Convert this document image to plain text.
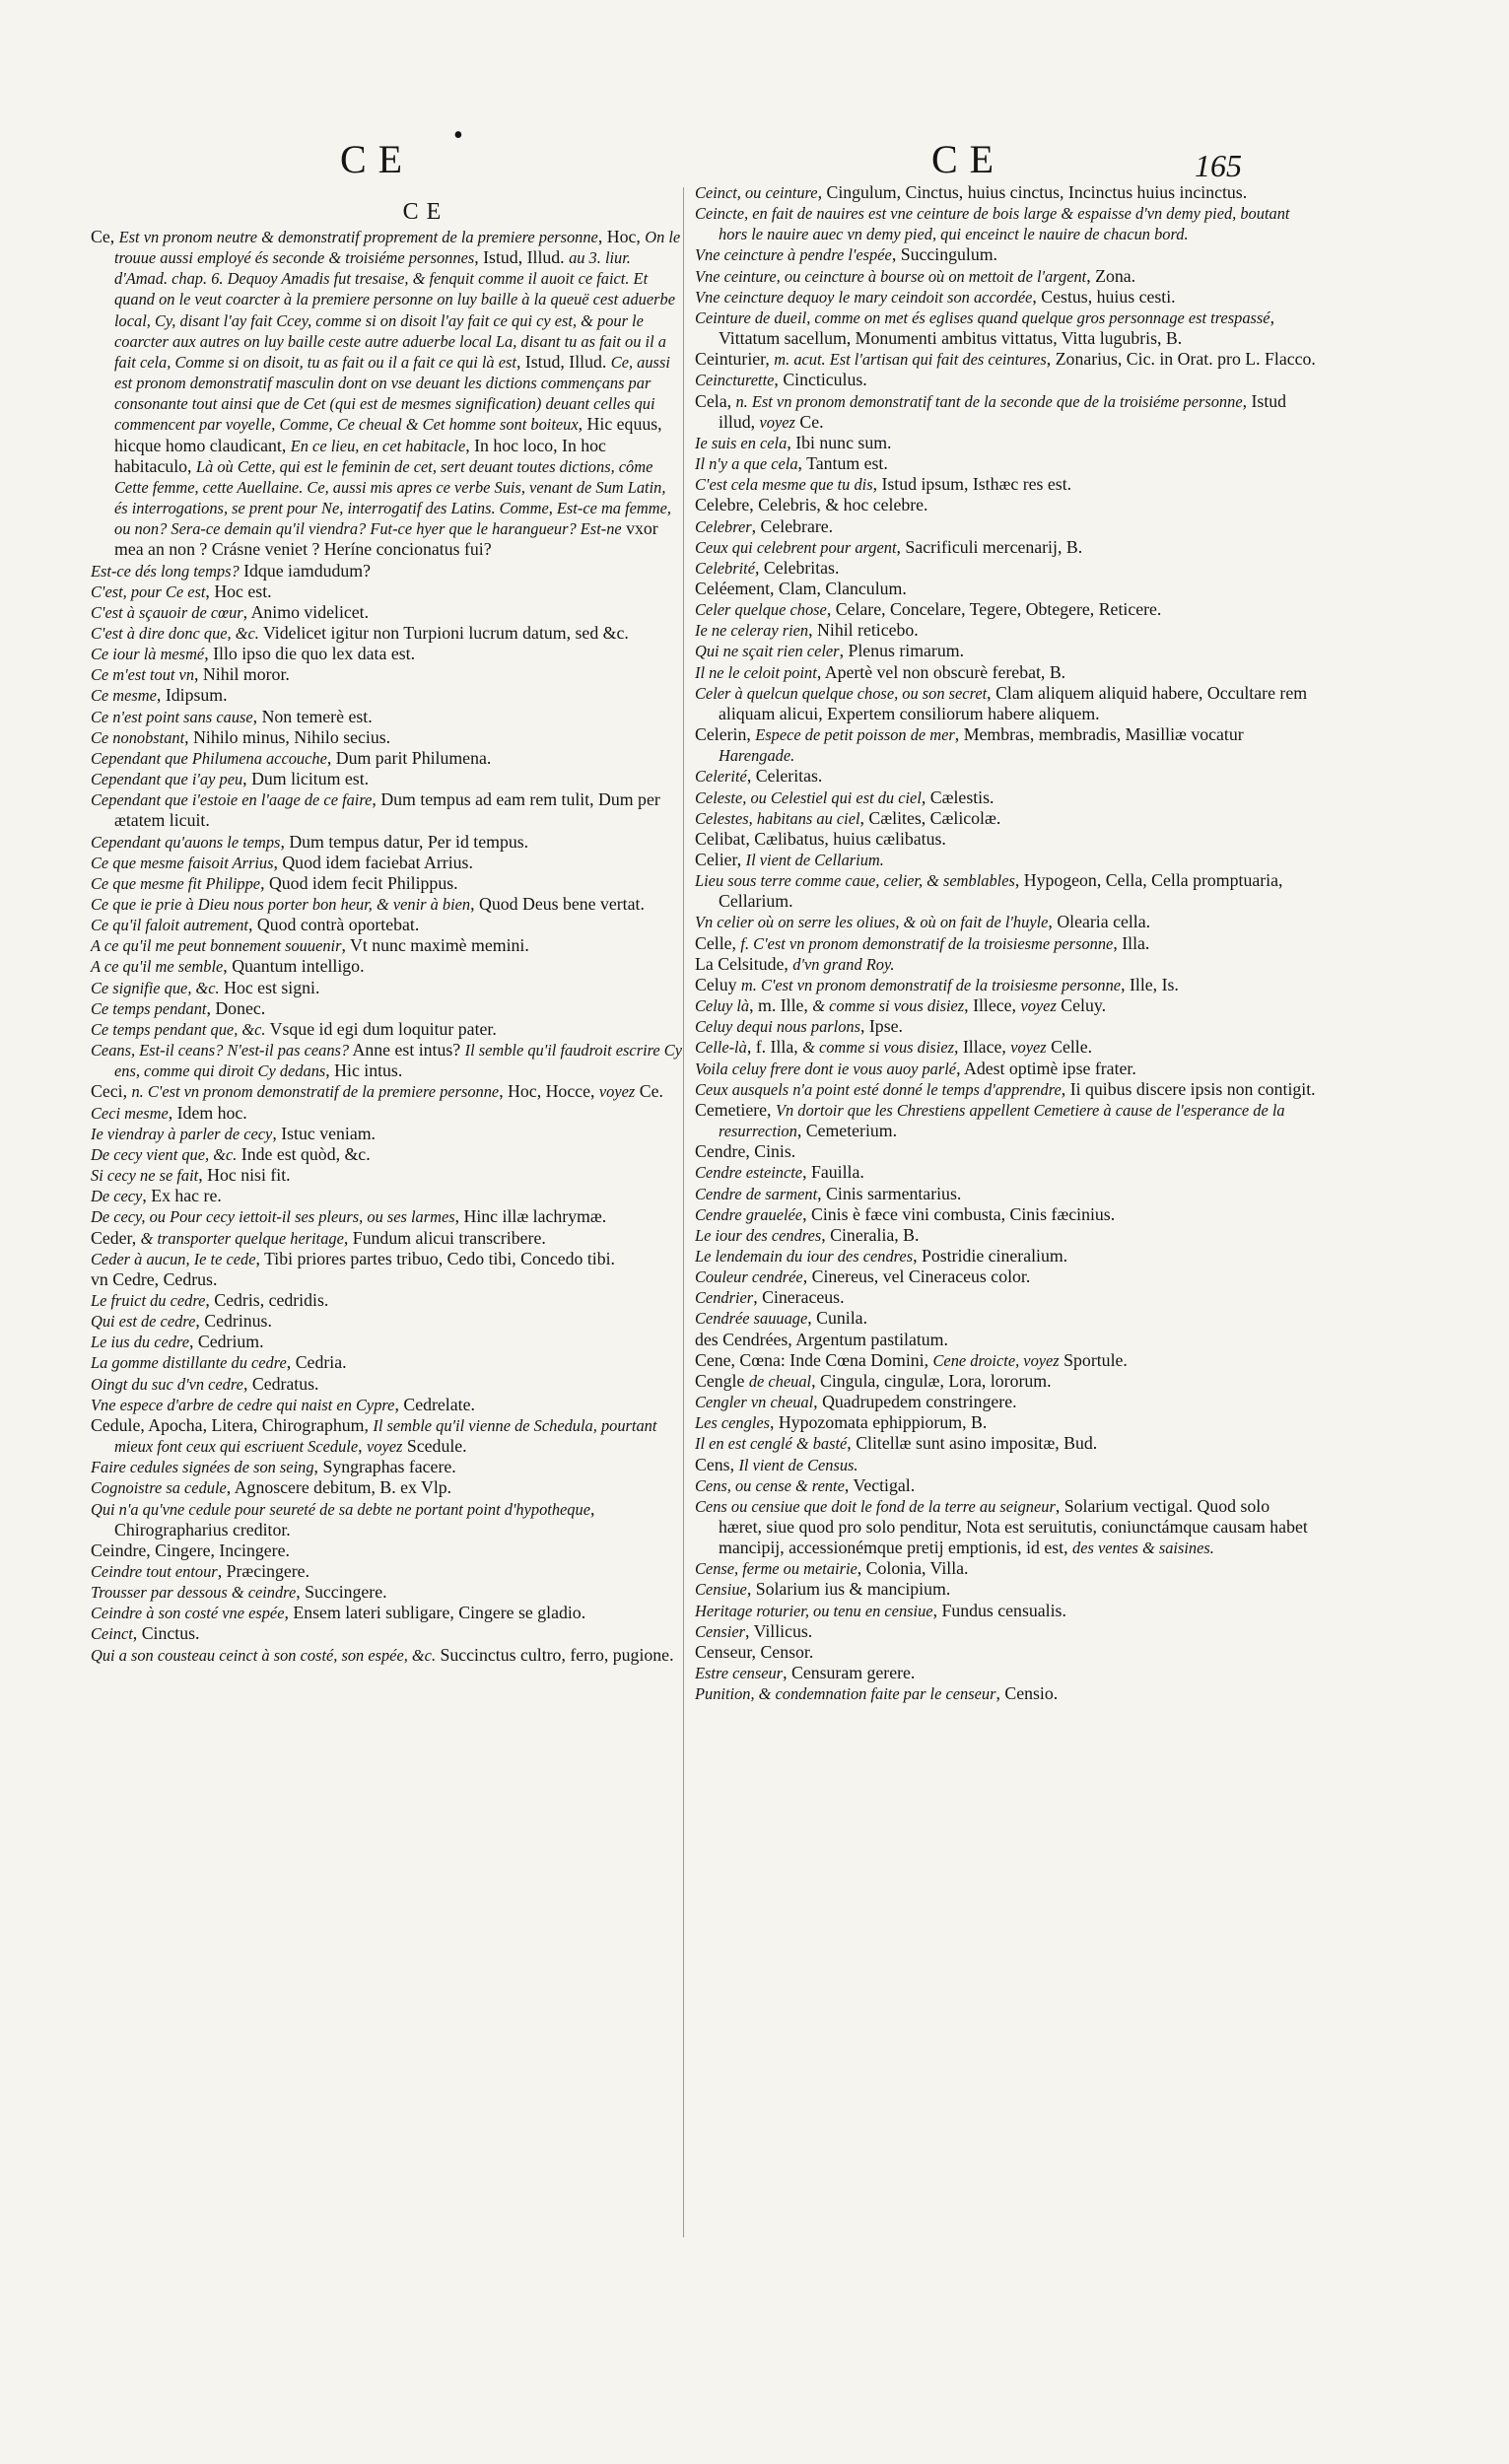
•
CE	CE	165
CE
Ce, Est vn pronom neutre & demonstratif proprement de la premiere personne, Hoc, On le trouue aussi employé és seconde & troisiéme personnes, Istud, Illud. au 3. liur. d'Amad. chap. 6. Dequoy Amadis fut tresaise, & fenquit comme il auoit ce faict. Et quand on le veut coarcter à la premiere personne on luy baille à la queuë cest aduerbe local, Cy, disant l'ay fait Ccey, comme si on disoit l'ay fait ce qui cy est, & pour le coarcter aux autres on luy baille ceste autre aduerbe local La, disant tu as fait ou il a fait cela, Comme si on disoit, tu as fait ou il a fait ce qui là est, Istud, Illud. Ce, aussi est pronom demonstratif masculin dont on vse deuant les dictions commençans par consonante tout ainsi que de Cet (qui est de mesmes signification) deuant celles qui commencent par voyelle, Comme, Ce cheual & Cet homme sont boiteux, Hic equus, hicque homo claudicant, En ce lieu, en cet habitacle, In hoc loco, In hoc habitaculo, Là où Cette, qui est le feminin de cet, sert deuant toutes dictions, côme Cette femme, cette Auellaine. Ce, aussi mis apres ce verbe Suis, venant de Sum Latin, és interrogations, se prent pour Ne, interrogatif des Latins. Comme, Est-ce ma femme, ou non? Sera-ce demain qu'il viendra? Fut-ce hyer que le harangueur? Est-ne vxor mea an non ? Crásne veniet ? Heríne concionatus fui?
Est-ce dés long temps? Idque iamdudum?
C'est, pour Ce est, Hoc est.
C'est à sçauoir de cœur, Animo videlicet.
C'est à dire donc que, &c. Videlicet igitur non Turpioni lucrum datum, sed &c.
Ce iour là mesmé, Illo ipso die quo lex data est.
Ce m'est tout vn, Nihil moror.
Ce mesme, Idipsum.
Ce n'est point sans cause, Non temerè est.
Ce nonobstant, Nihilo minus, Nihilo secius.
Cependant que Philumena accouche, Dum parit Philumena.
Cependant que i'ay peu, Dum licitum est.
Cependant que i'estoie en l'aage de ce faire, Dum tempus ad eam rem tulit, Dum per ætatem licuit.
Cependant qu'auons le temps, Dum tempus datur, Per id tempus.
Ce que mesme faisoit Arrius, Quod idem faciebat Arrius.
Ce que mesme fit Philippe, Quod idem fecit Philippus.
Ce que ie prie à Dieu nous porter bon heur, & venir à bien, Quod Deus bene vertat.
Ce qu'il faloit autrement, Quod contrà oportebat.
A ce qu'il me peut bonnement souuenir, Vt nunc maximè memini.
A ce qu'il me semble, Quantum intelligo.
Ce signifie que, &c. Hoc est signi.
Ce temps pendant, Donec.
Ce temps pendant que, &c. Vsque id egi dum loquitur pater.
Ceans, Est-il ceans? N'est-il pas ceans? Anne est intus? Il semble qu'il faudroit escrire Cy ens, comme qui diroit Cy dedans, Hic intus.
Ceci, n. C'est vn pronom demonstratif de la premiere personne, Hoc, Hocce, voyez Ce.
Ceci mesme, Idem hoc.
Ie viendray à parler de cecy, Istuc veniam.
De cecy vient que, &c. Inde est quòd, &c.
Si cecy ne se fait, Hoc nisi fit.
De cecy, Ex hac re.
De cecy, ou Pour cecy iettoit-il ses pleurs, ou ses larmes, Hinc illæ lachrymæ.
Ceder, & transporter quelque heritage, Fundum alicui transcribere.
Ceder à aucun, Ie te cede, Tibi priores partes tribuo, Cedo tibi, Concedo tibi.
vn Cedre, Cedrus.
Le fruict du cedre, Cedris, cedridis.
Qui est de cedre, Cedrinus.
Le ius du cedre, Cedrium.
La gomme distillante du cedre, Cedria.
Oingt du suc d'vn cedre, Cedratus.
Vne espece d'arbre de cedre qui naist en Cypre, Cedrelate.
Cedule, Apocha, Litera, Chirographum, Il semble qu'il vienne de Schedula, pourtant mieux font ceux qui escriuent Scedule, voyez Scedule.
Faire cedules signées de son seing, Syngraphas facere.
Cognoistre sa cedule, Agnoscere debitum, B. ex Vlp.
Qui n'a qu'vne cedule pour seureté de sa debte ne portant point d'hypotheque, Chirographarius creditor.
Ceindre, Cingere, Incingere.
Ceindre tout entour, Præcingere.
Trousser par dessous & ceindre, Succingere.
Ceindre à son costé vne espée, Ensem lateri subligare, Cingere se gladio.
Ceinct, Cinctus.
Qui a son cousteau ceinct à son costé, son espée, &c. Succinctus cultro, ferro, pugione.
Ceinct, ou ceinture, Cingulum, Cinctus, huius cinctus, Incinctus huius incinctus.
Ceincte, en fait de nauires est vne ceinture de bois large & espaisse d'vn demy pied, boutant hors le nauire auec vn demy pied, qui enceinct le nauire de chacun bord.
Vne ceincture à pendre l'espée, Succingulum.
Vne ceinture, ou ceincture à bourse où on mettoit de l'argent, Zona.
Vne ceincture dequoy le mary ceindoit son accordée, Cestus, huius cesti.
Ceinture de dueil, comme on met és eglises quand quelque gros personnage est trespassé, Vittatum sacellum, Monumenti ambitus vittatus, Vitta lugubris, B.
Ceinturier, m. acut. Est l'artisan qui fait des ceintures, Zonarius, Cic. in Orat. pro L. Flacco.
Ceincturette, Cincticulus.
Cela, n. Est vn pronom demonstratif tant de la seconde que de la troisiéme personne, Istud illud, voyez Ce.
Ie suis en cela, Ibi nunc sum.
Il n'y a que cela, Tantum est.
C'est cela mesme que tu dis, Istud ipsum, Isthæc res est.
Celebre, Celebris, & hoc celebre.
Celebrer, Celebrare.
Ceux qui celebrent pour argent, Sacrificuli mercenarij, B.
Celebrité, Celebritas.
Celéement, Clam, Clanculum.
Celer quelque chose, Celare, Concelare, Tegere, Obtegere, Reticere.
Ie ne celeray rien, Nihil reticebo.
Qui ne sçait rien celer, Plenus rimarum.
Il ne le celoit point, Apertè vel non obscurè ferebat, B.
Celer à quelcun quelque chose, ou son secret, Clam aliquem aliquid habere, Occultare rem aliquam alicui, Expertem consiliorum habere aliquem.
Celerin, Espece de petit poisson de mer, Membras, membradis, Masilliæ vocatur Harengade.
Celerité, Celeritas.
Celeste, ou Celestiel qui est du ciel, Cælestis.
Celestes, habitans au ciel, Cælites, Cælicolæ.
Celibat, Cælibatus, huius cælibatus.
Celier, Il vient de Cellarium.
Lieu sous terre comme caue, celier, & semblables, Hypogeon, Cella, Cella promptuaria, Cellarium.
Vn celier où on serre les oliues, & où on fait de l'huyle, Olearia cella.
Celle, f. C'est vn pronom demonstratif de la troisiesme personne, Illa.
La Celsitude, d'vn grand Roy.
Celuy m. C'est vn pronom demonstratif de la troisiesme personne, Ille, Is.
Celuy là, m. Ille, & comme si vous disiez, Illece, voyez Celuy.
Celuy dequi nous parlons, Ipse.
Celle-là, f. Illa, & comme si vous disiez, Illace, voyez Celle.
Voila celuy frere dont ie vous auoy parlé, Adest optimè ipse frater.
Ceux ausquels n'a point esté donné le temps d'apprendre, Ii quibus discere ipsis non contigit.
Cemetiere, Vn dortoir que les Chrestiens appellent Cemetiere à cause de l'esperance de la resurrection, Cemeterium.
Cendre, Cinis.
Cendre esteincte, Fauilla.
Cendre de sarment, Cinis sarmentarius.
Cendre grauelée, Cinis è fæce vini combusta, Cinis fæcinius.
Le iour des cendres, Cineralia, B.
Le lendemain du iour des cendres, Postridie cineralium.
Couleur cendrée, Cinereus, vel Cineraceus color.
Cendrier, Cineraceus.
Cendrée sauuage, Cunila.
des Cendrées, Argentum pastilatum.
Cene, Cœna: Inde Cœna Domini, Cene droicte, voyez Sportule.
Cengle de cheual, Cingula, cingulæ, Lora, lororum.
Cengler vn cheual, Quadrupedem constringere.
Les cengles, Hypozomata ephippiorum, B.
Il en est cenglé & basté, Clitellæ sunt asino impositæ, Bud.
Cens, Il vient de Census.
Cens, ou cense & rente, Vectigal.
Cens ou censiue que doit le fond de la terre au seigneur, Solarium vectigal. Quod solo hæret, siue quod pro solo penditur, Nota est seruitutis, coniunctámque causam habet mancipij, accessionémque pretij emptionis, id est, des ventes & saisines.
Cense, ferme ou metairie, Colonia, Villa.
Censiue, Solarium ius & mancipium.
Heritage roturier, ou tenu en censiue, Fundus censualis.
Censier, Villicus.
Censeur, Censor.
Estre censeur, Censuram gerere.
Punition, & condemnation faite par le censeur, Censio.
